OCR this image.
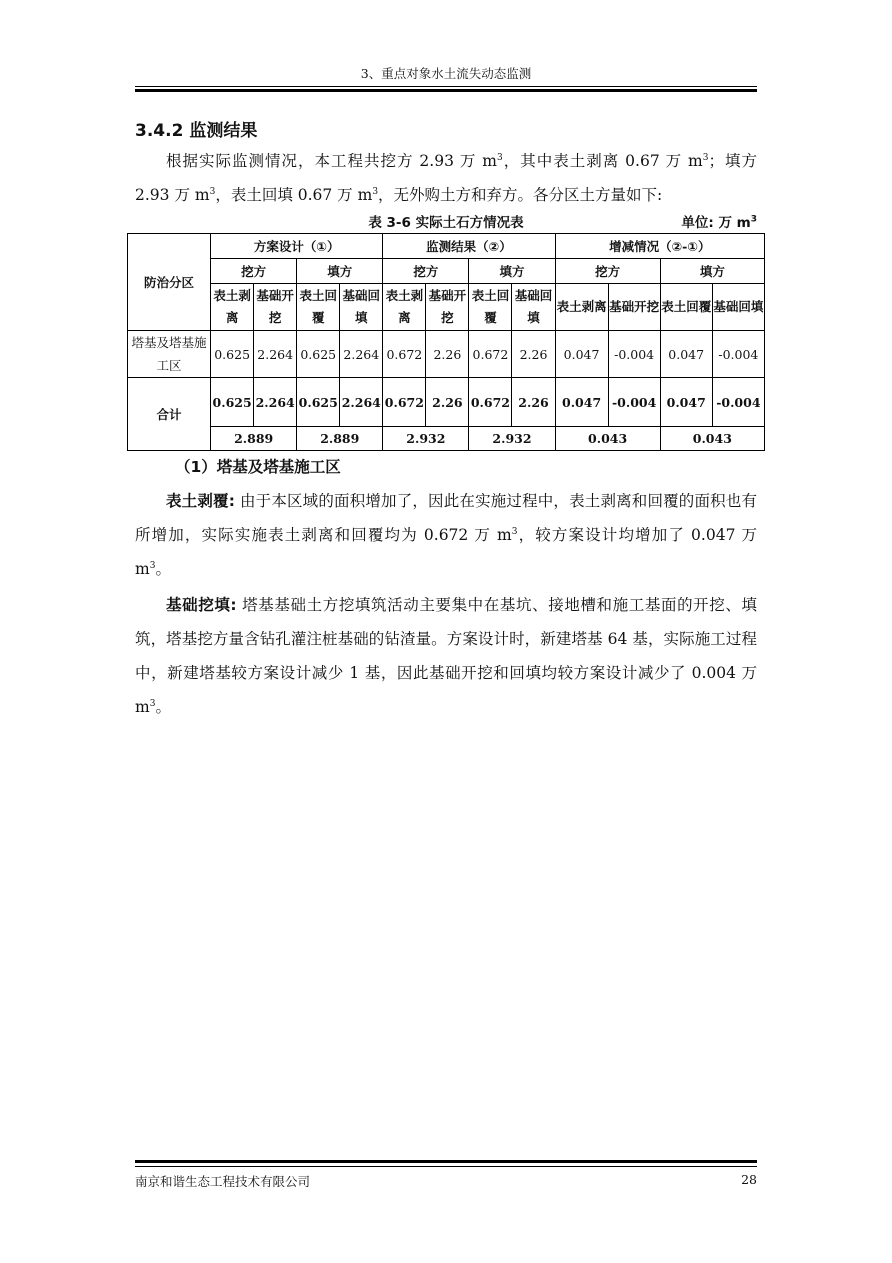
3、重点对象水土流失动态监测
3.4.2 监测结果

根据实际监测情况，本工程共挖方 2.93 万 $m^3$，其中表土剥离 0.67 万 $m^3$；填方 2.93 万 $m^3$，表土回填 0.67 万 $m^3$，无外购土方和弃方。各分区土方量如下:

表 3-6 实际土石方情况表	单位: 万 $m^3$
防治分区	方案设计（①）				监测结果（②）				增减情况（②-①）			
	挖方		填方		挖方		填方		挖方		填方	
	表土剥离	基础开挖	表土回覆	基础回填	表土剥离	基础开挖	表土回覆	基础回填	表土剥离	基础开挖	表土回覆	基础回填
塔基及塔基施工区	0.625	2.264	0.625	2.264	0.672	2.26	0.672	2.26	0.047	-0.004	0.047	-0.004
合计	0.625	2.264	0.625	2.264	0.672	2.26	0.672	2.26	0.047	-0.004	0.047	-0.004
	2.889		2.889		2.932		2.932		0.043		0.043	
（1）塔基及塔基施工区

表土剥覆: 由于本区域的面积增加了，因此在实施过程中，表土剥离和回覆的面积也有所增加，实际实施表土剥离和回覆均为 0.672 万 $m^3$，较方案设计均增加了 0.047 万 $m^3$。

基础挖填: 塔基基础土方挖填筑活动主要集中在基坑、接地槽和施工基面的开挖、填筑，塔基挖方量含钻孔灌注桩基础的钻渣量。方案设计时，新建塔基 64 基，实际施工过程中，新建塔基较方案设计减少 1 基，因此基础开挖和回填均较方案设计减少了 0.004 万 $m^3$。

南京和谐生态工程技术有限公司	28
